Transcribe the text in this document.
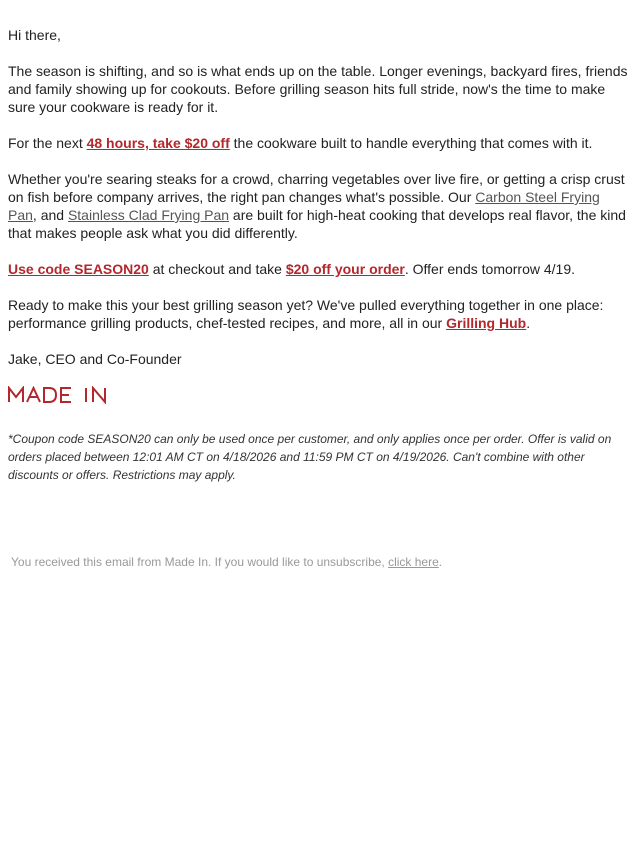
Hi there,

The season is shifting, and so is what ends up on the table. Longer evenings, backyard fires, friends and family showing up for cookouts. Before grilling season hits full stride, now's the time to make sure your cookware is ready for it.

For the next 48 hours, take $20 off the cookware built to handle everything that comes with it.

Whether you're searing steaks for a crowd, charring vegetables over live fire, or getting a crisp crust on fish before company arrives, the right pan changes what's possible. Our Carbon Steel Frying Pan, and Stainless Clad Frying Pan are built for high-heat cooking that develops real flavor, the kind that makes people ask what you did differently.

Use code SEASON20 at checkout and take $20 off your order. Offer ends tomorrow 4/19.

Ready to make this your best grilling season yet? We've pulled everything together in one place: performance grilling products, chef-tested recipes, and more, all in our Grilling Hub.

Jake, CEO and Co-Founder

*Coupon code SEASON20 can only be used once per customer, and only applies once per order. Offer is valid on orders placed between 12:01 AM CT on 4/18/2026 and 11:59 PM CT on 4/19/2026. Can't combine with other discounts or offers. Restrictions may apply.
You received this email from Made In. If you would like to unsubscribe, click here.
